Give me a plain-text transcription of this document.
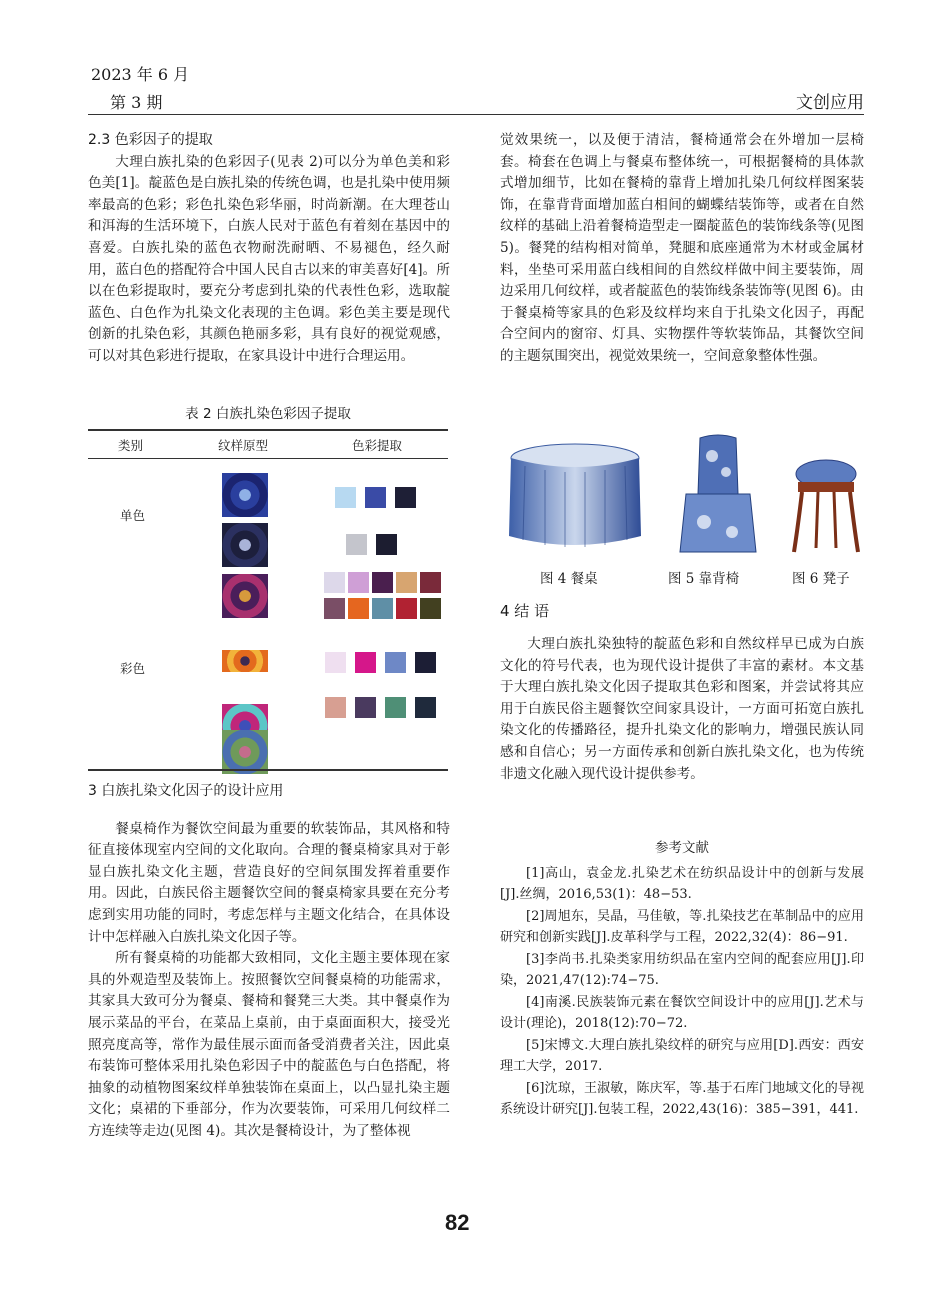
2023 年 6 月
第 3 期	文创应用
2.3 色彩因子的提取

大理白族扎染的色彩因子(见表 2)可以分为单色美和彩色美[1]。靛蓝色是白族扎染的传统色调，也是扎染中使用频率最高的色彩；彩色扎染色彩华丽，时尚新潮。在大理苍山和洱海的生活环境下，白族人民对于蓝色有着刻在基因中的喜爱。白族扎染的蓝色衣物耐洗耐晒、不易褪色，经久耐用，蓝白色的搭配符合中国人民自古以来的审美喜好[4]。所以在色彩提取时，要充分考虑到扎染的代表性色彩，选取靛蓝色、白色作为扎染文化表现的主色调。彩色美主要是现代创新的扎染色彩，其颜色艳丽多彩，具有良好的视觉观感，可以对其色彩进行提取，在家具设计中进行合理运用。

表 2 白族扎染色彩因子提取
类别	纹样原型	色彩提取
单色
彩色
3 白族扎染文化因子的设计应用

餐桌椅作为餐饮空间最为重要的软装饰品，其风格和特征直接体现室内空间的文化取向。合理的餐桌椅家具对于彰显白族扎染文化主题，营造良好的空间氛围发挥着重要作用。因此，白族民俗主题餐饮空间的餐桌椅家具要在充分考虑到实用功能的同时，考虑怎样与主题文化结合，在具体设计中怎样融入白族扎染文化因子等。

所有餐桌椅的功能都大致相同，文化主题主要体现在家具的外观造型及装饰上。按照餐饮空间餐桌椅的功能需求，其家具大致可分为餐桌、餐椅和餐凳三大类。其中餐桌作为展示菜品的平台，在菜品上桌前，由于桌面面积大，接受光照亮度高等，常作为最佳展示面而备受消费者关注，因此桌布装饰可整体采用扎染色彩因子中的靛蓝色与白色搭配，将抽象的动植物图案纹样单独装饰在桌面上，以凸显扎染主题文化；桌裙的下垂部分，作为次要装饰，可采用几何纹样二方连续等走边(见图 4)。其次是餐椅设计，为了整体视

觉效果统一，以及便于清洁，餐椅通常会在外增加一层椅套。椅套在色调上与餐桌布整体统一，可根据餐椅的具体款式增加细节，比如在餐椅的靠背上增加扎染几何纹样图案装饰，在靠背背面增加蓝白相间的蝴蝶结装饰等，或者在自然纹样的基础上沿着餐椅造型走一圈靛蓝色的装饰线条等(见图 5)。餐凳的结构相对简单，凳腿和底座通常为木材或金属材料，坐垫可采用蓝白线相间的自然纹样做中间主要装饰，周边采用几何纹样，或者靛蓝色的装饰线条装饰等(见图 6)。由于餐桌椅等家具的色彩及纹样均来自于扎染文化因子，再配合空间内的窗帘、灯具、实物摆件等软装饰品，其餐饮空间的主题氛围突出，视觉效果统一，空间意象整体性强。

图 4 餐桌	图 5 靠背椅	图 6 凳子
4 结 语

大理白族扎染独特的靛蓝色彩和自然纹样早已成为白族文化的符号代表，也为现代设计提供了丰富的素材。本文基于大理白族扎染文化因子提取其色彩和图案，并尝试将其应用于白族民俗主题餐饮空间家具设计，一方面可拓宽白族扎染文化的传播路径，提升扎染文化的影响力，增强民族认同感和自信心；另一方面传承和创新白族扎染文化，也为传统非遗文化融入现代设计提供参考。

参考文献

[1]高山，袁金龙.扎染艺术在纺织品设计中的创新与发展[J].丝绸，2016,53(1)：48−53.

[2]周旭东，吴晶，马佳敏，等.扎染技艺在革制品中的应用研究和创新实践[J].皮革科学与工程，2022,32(4)：86−91.

[3]李尚书.扎染类家用纺织品在室内空间的配套应用[J].印染，2021,47(12):74−75.

[4]南溪.民族装饰元素在餐饮空间设计中的应用[J].艺术与设计(理论)，2018(12):70−72.

[5]宋博文.大理白族扎染纹样的研究与应用[D].西安：西安理工大学，2017.

[6]沈琼，王淑敏，陈庆军，等.基于石库门地域文化的导视系统设计研究[J].包装工程，2022,43(16)：385−391，441.

82
